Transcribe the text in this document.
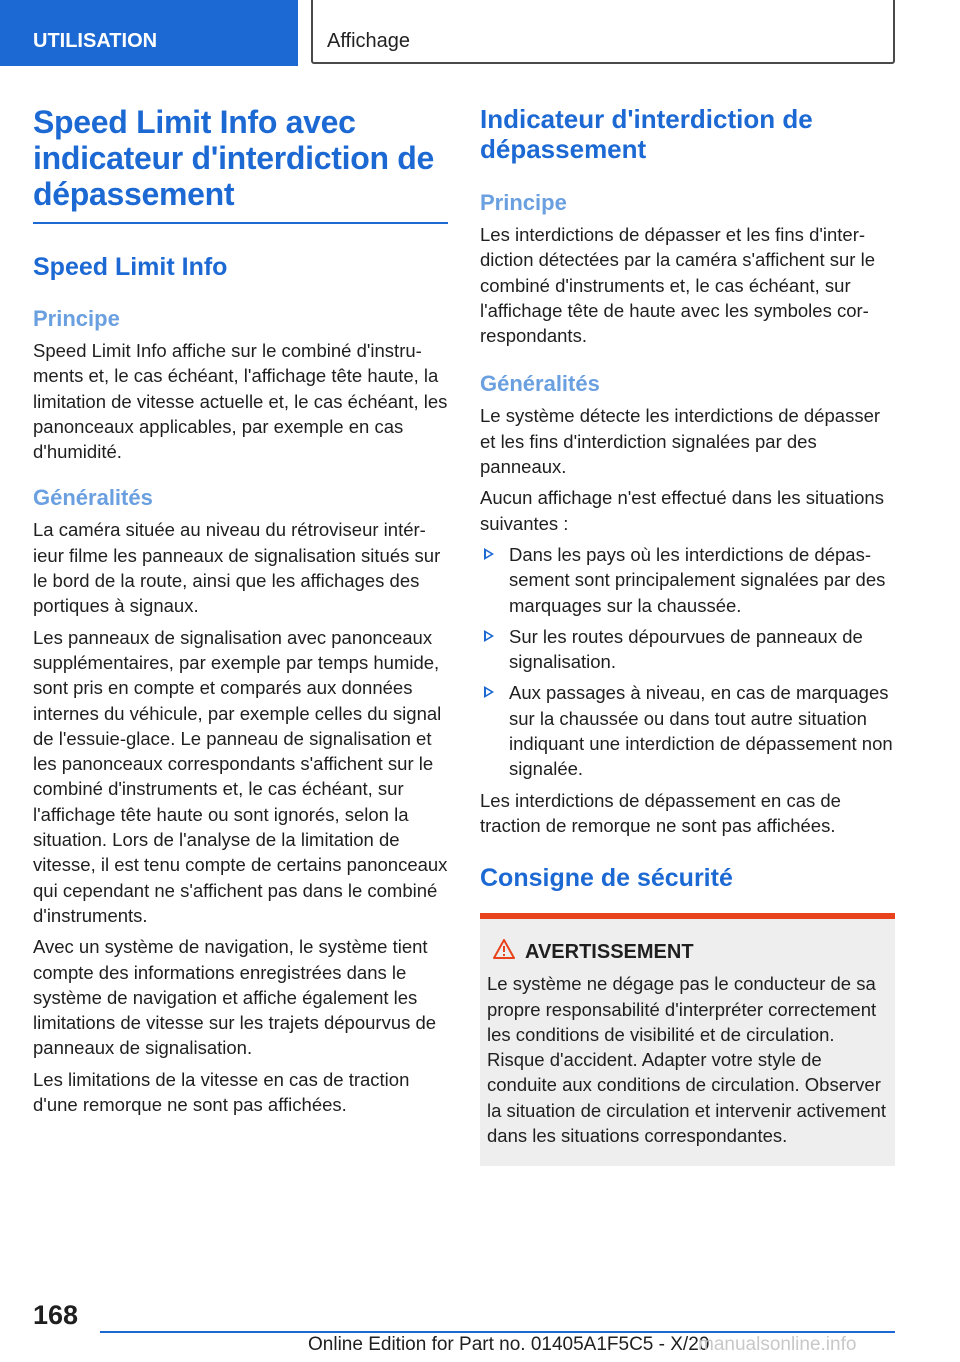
UTILISATION	Affichage
Speed Limit Info avec indicateur d'interdiction de dépassement
Speed Limit Info
Principe

Speed Limit Info affiche sur le combiné d'instruments et, le cas échéant, l'affichage tête haute, la limitation de vitesse actuelle et, le cas échéant, les panonceaux applicables, par exemple en cas d'humidité.

Généralités

La caméra située au niveau du rétroviseur intérieur filme les panneaux de signalisation situés sur le bord de la route, ainsi que les affichages des portiques à signaux.

Les panneaux de signalisation avec panonceaux supplémentaires, par exemple par temps humide, sont pris en compte et comparés aux données internes du véhicule, par exemple celles du signal de l'essuie-glace. Le panneau de signalisation et les panonceaux correspondants s'affichent sur le combiné d'instruments et, le cas échéant, sur l'affichage tête haute ou sont ignorés, selon la situation. Lors de l'analyse de la limitation de vitesse, il est tenu compte de certains panonceaux qui cependant ne s'affichent pas dans le combiné d'instruments.

Avec un système de navigation, le système tient compte des informations enregistrées dans le système de navigation et affiche également les limitations de vitesse sur les trajets dépourvus de panneaux de signalisation.

Les limitations de la vitesse en cas de traction d'une remorque ne sont pas affichées.

Indicateur d'interdiction de dépassement
Principe

Les interdictions de dépasser et les fins d'interdiction détectées par la caméra s'affichent sur le combiné d'instruments et, le cas échéant, sur l'affichage tête de haute avec les symboles correspondants.

Généralités

Le système détecte les interdictions de dépasser et les fins d'interdiction signalées par des panneaux.

Aucun affichage n'est effectué dans les situations suivantes :

Dans les pays où les interdictions de dépassement sont principalement signalées par des marquages sur la chaussée.
Sur les routes dépourvues de panneaux de signalisation.
Aux passages à niveau, en cas de marquages sur la chaussée ou dans tout autre situation indiquant une interdiction de dépassement non signalée.

Les interdictions de dépassement en cas de traction de remorque ne sont pas affichées.

Consigne de sécurité
AVERTISSEMENT

Le système ne dégage pas le conducteur de sa propre responsabilité d'interpréter correctement les conditions de visibilité et de circulation. Risque d'accident. Adapter votre style de conduite aux conditions de circulation. Observer la situation de circulation et intervenir activement dans les situations correspondantes.

168
Online Edition for Part no. 01405A1F5C5 - X/20
manualsonline.info
